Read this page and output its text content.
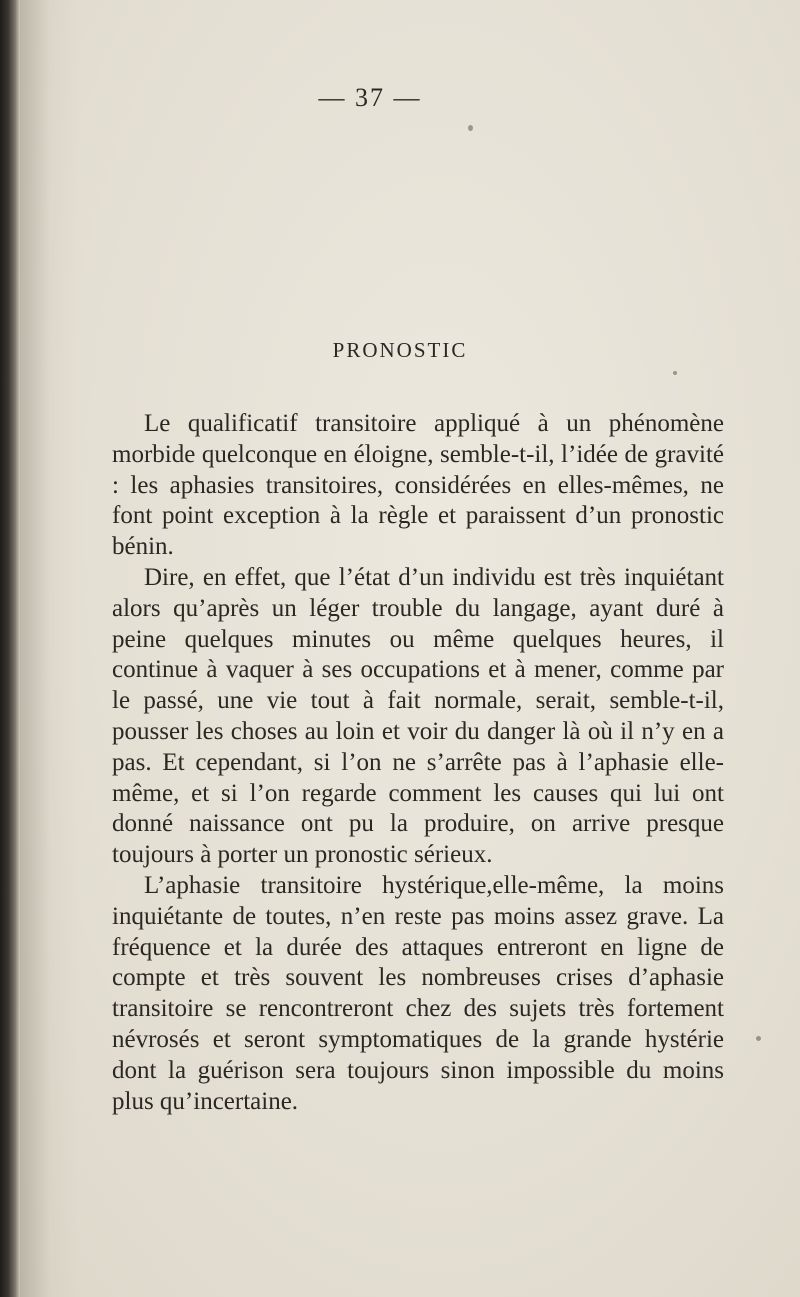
— 37 —
PRONOSTIC

Le qualificatif transitoire appliqué à un phénomène morbide quelconque en éloigne, semble-t-il, l’idée de gravité : les aphasies transitoires, considérées en elles-mêmes, ne font point exception à la règle et paraissent d’un pronostic bénin.

Dire, en effet, que l’état d’un individu est très inquiétant alors qu’après un léger trouble du langage, ayant duré à peine quelques minutes ou même quelques heures, il continue à vaquer à ses occupations et à mener, comme par le passé, une vie tout à fait normale, serait, semble-t-il, pousser les choses au loin et voir du danger là où il n’y en a pas. Et cependant, si l’on ne s’arrête pas à l’aphasie elle-même, et si l’on regarde comment les causes qui lui ont donné naissance ont pu la produire, on arrive presque toujours à porter un pronostic sérieux.

L’aphasie transitoire hystérique,elle-même, la moins inquiétante de toutes, n’en reste pas moins assez grave. La fréquence et la durée des attaques entreront en ligne de compte et très souvent les nombreuses crises d’aphasie transitoire se rencontreront chez des sujets très fortement névrosés et seront symptomatiques de la grande hystérie dont la guérison sera toujours sinon impossible du moins plus qu’incertaine.
